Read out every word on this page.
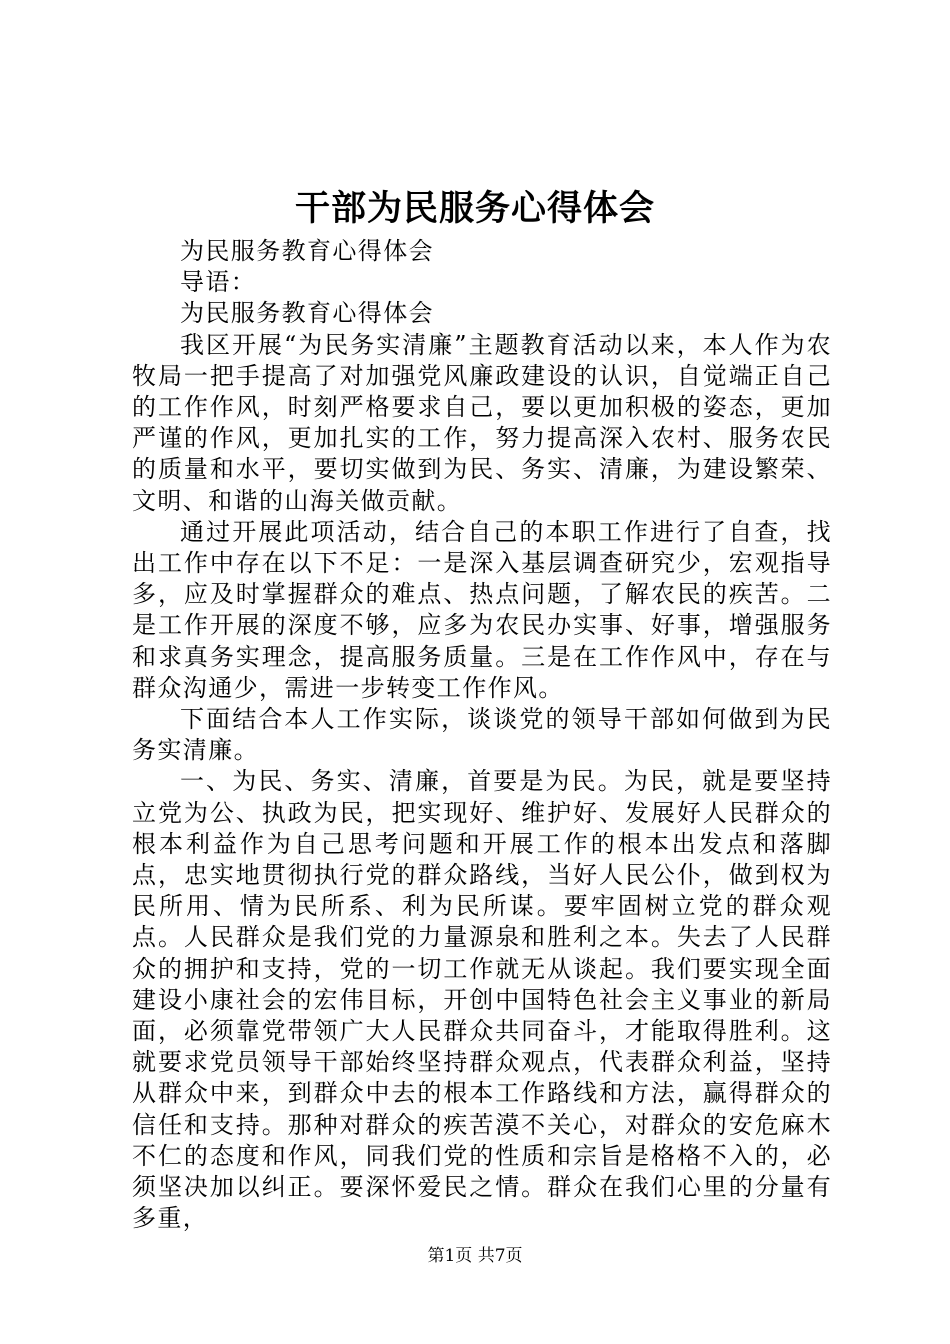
干部为民服务心得体会

为民服务教育心得体会

导语：

为民服务教育心得体会

我区开展“为民务实清廉”主题教育活动以来，本人作为农牧局一把手提高了对加强党风廉政建设的认识，自觉端正自己的工作作风，时刻严格要求自己，要以更加积极的姿态，更加严谨的作风，更加扎实的工作，努力提高深入农村、服务农民的质量和水平，要切实做到为民、务实、清廉，为建设繁荣、文明、和谐的山海关做贡献。

通过开展此项活动，结合自己的本职工作进行了自查，找出工作中存在以下不足：一是深入基层调查研究少，宏观指导多，应及时掌握群众的难点、热点问题，了解农民的疾苦。二是工作开展的深度不够，应多为农民办实事、好事，增强服务和求真务实理念，提高服务质量。三是在工作作风中，存在与群众沟通少，需进一步转变工作作风。

下面结合本人工作实际，谈谈党的领导干部如何做到为民务实清廉。

一、为民、务实、清廉，首要是为民。为民，就是要坚持立党为公、执政为民，把实现好、维护好、发展好人民群众的根本利益作为自己思考问题和开展工作的根本出发点和落脚点，忠实地贯彻执行党的群众路线，当好人民公仆，做到权为民所用、情为民所系、利为民所谋。要牢固树立党的群众观点。人民群众是我们党的力量源泉和胜利之本。失去了人民群众的拥护和支持，党的一切工作就无从谈起。我们要实现全面建设小康社会的宏伟目标，开创中国特色社会主义事业的新局面，必须靠党带领广大人民群众共同奋斗，才能取得胜利。这就要求党员领导干部始终坚持群众观点，代表群众利益，坚持从群众中来，到群众中去的根本工作路线和方法，赢得群众的信任和支持。那种对群众的疾苦漠不关心，对群众的安危麻木不仁的态度和作风，同我们党的性质和宗旨是格格不入的，必须坚决加以纠正。要深怀爱民之情。群众在我们心里的分量有多重，

第1页 共7页
